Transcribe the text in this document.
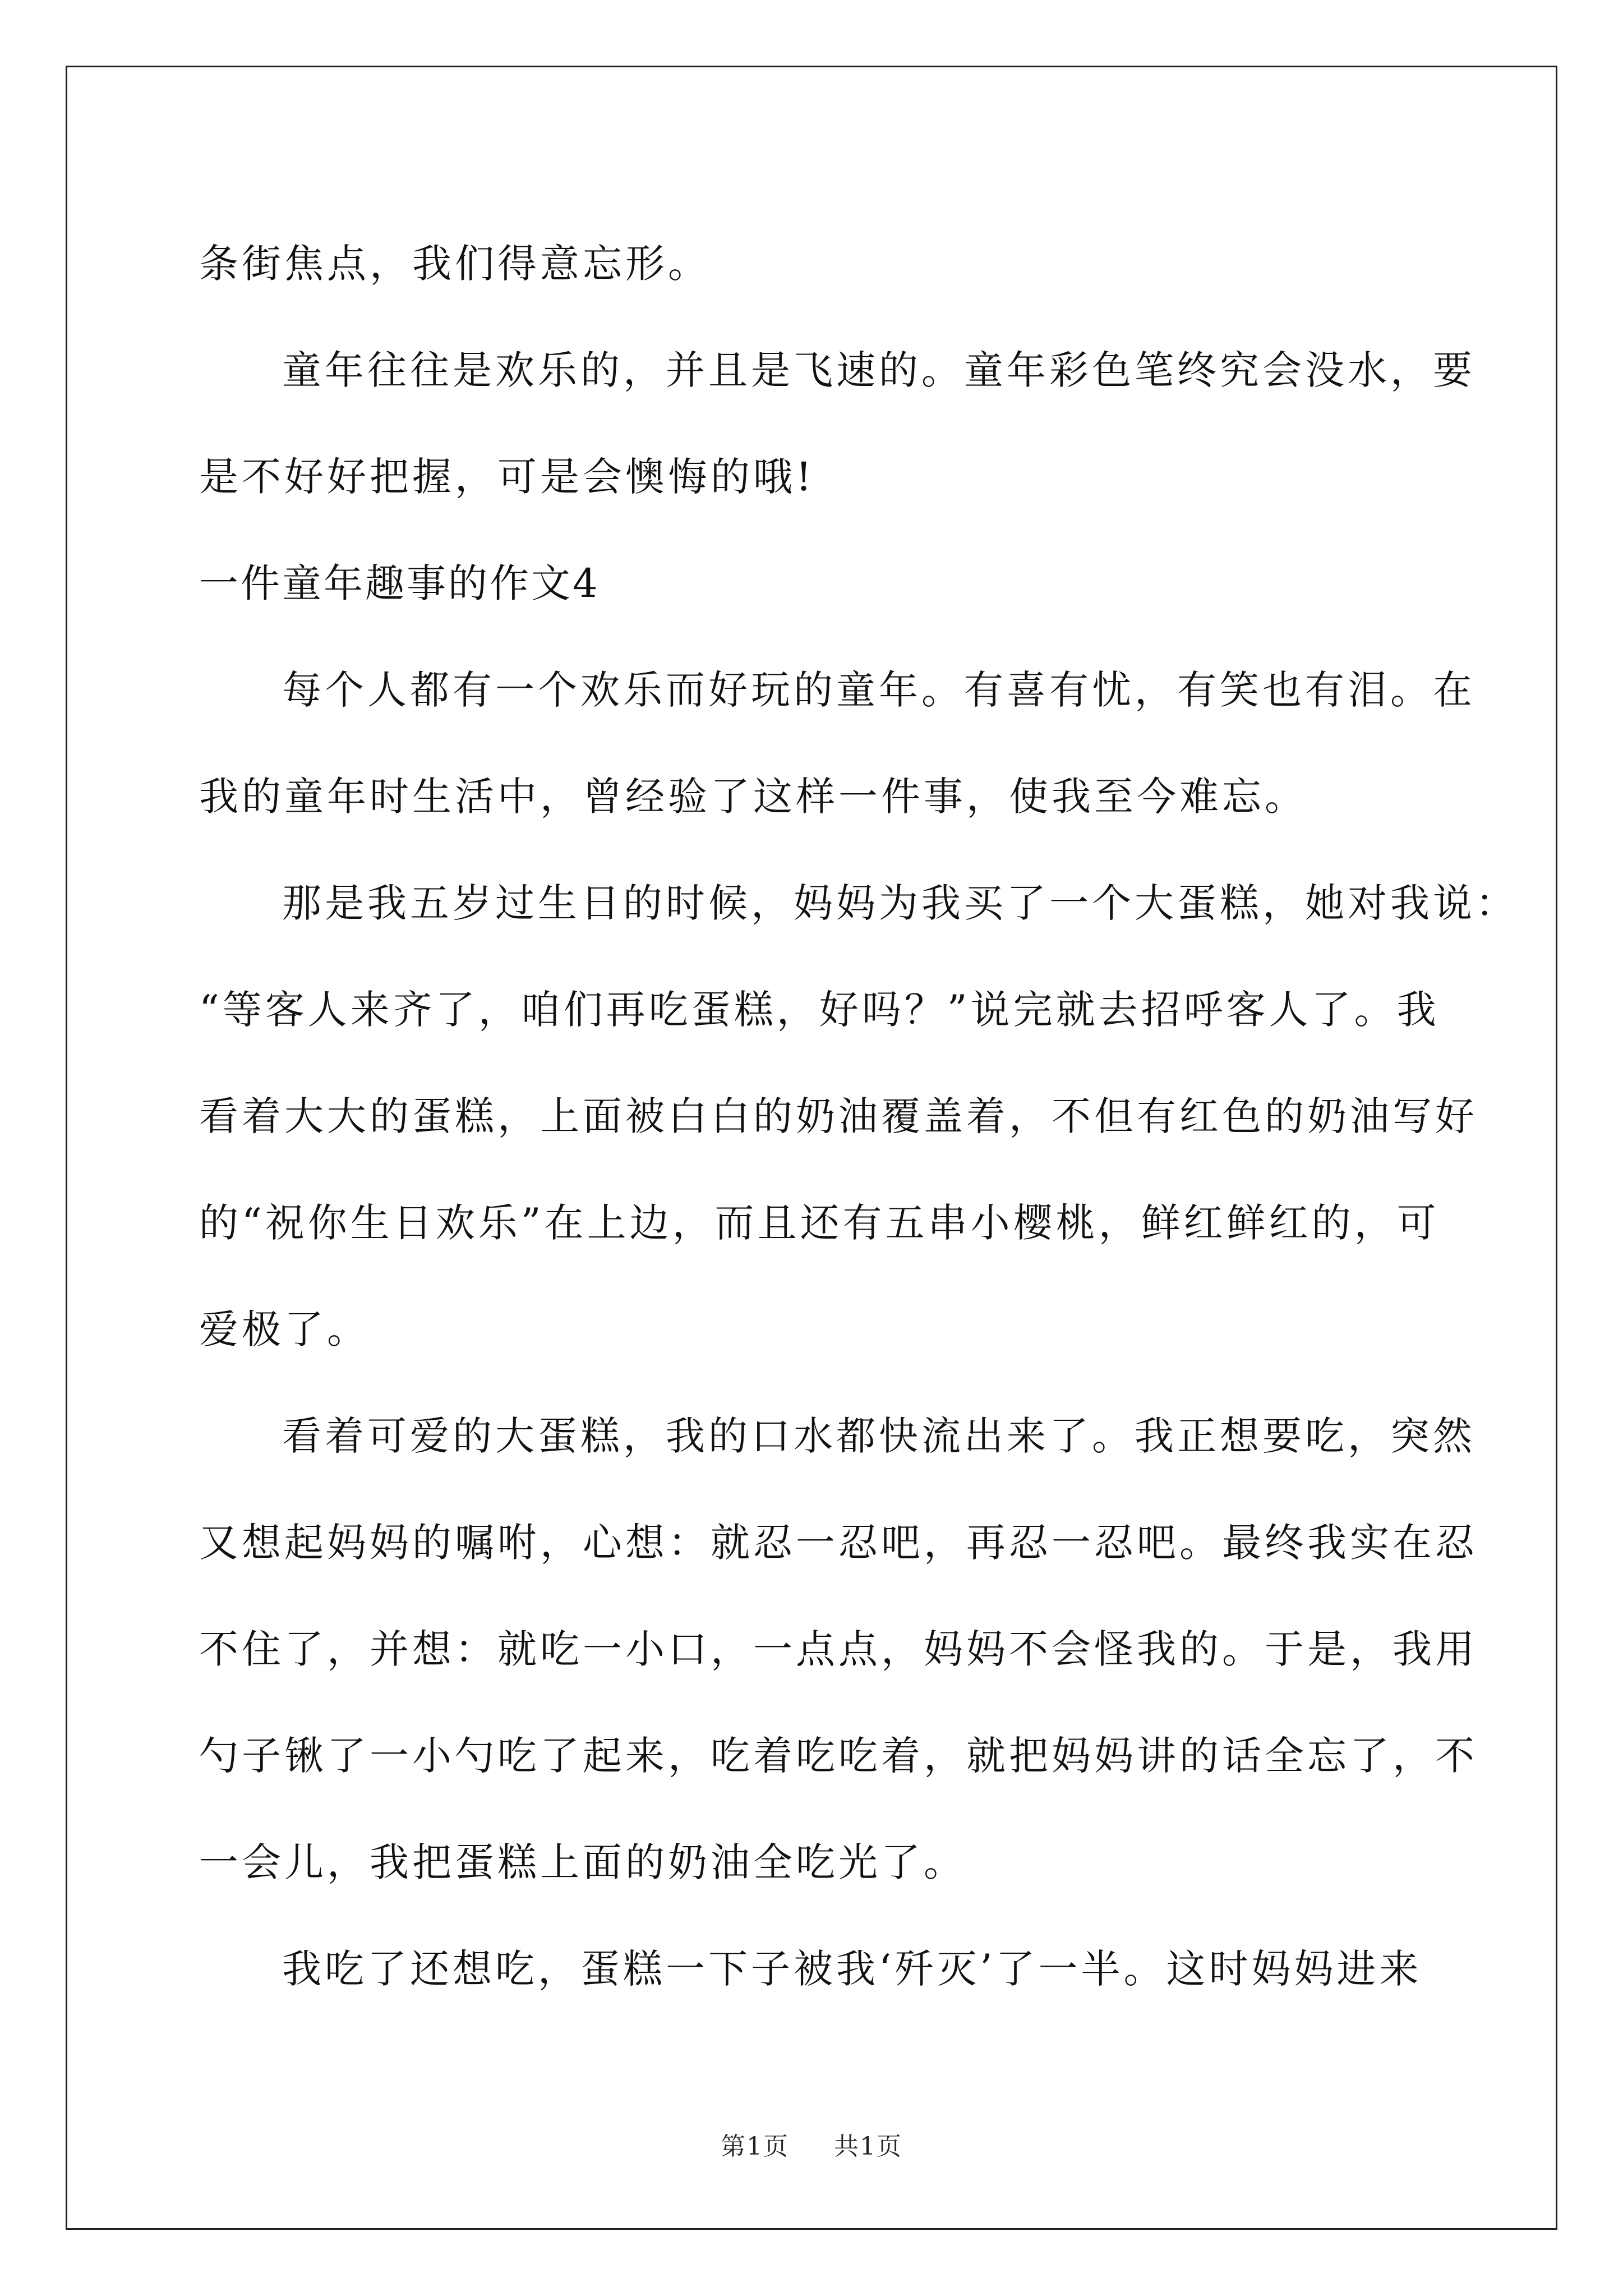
条街焦点，我们得意忘形。
童年往往是欢乐的，并且是飞速的。童年彩色笔终究会没水，要
是不好好把握，可是会懊悔的哦!
一件童年趣事的作文4
每个人都有一个欢乐而好玩的童年。有喜有忧，有笑也有泪。在
我的童年时生活中，曾经验了这样一件事，使我至今难忘。
那是我五岁过生日的时候，妈妈为我买了一个大蛋糕，她对我说：
“等客人来齐了，咱们再吃蛋糕，好吗？”说完就去招呼客人了。我
看着大大的蛋糕，上面被白白的奶油覆盖着，不但有红色的奶油写好
的“祝你生日欢乐”在上边，而且还有五串小樱桃，鲜红鲜红的，可
爱极了。
看着可爱的大蛋糕，我的口水都快流出来了。我正想要吃，突然
又想起妈妈的嘱咐，心想：就忍一忍吧，再忍一忍吧。最终我实在忍
不住了，并想：就吃一小口，一点点，妈妈不会怪我的。于是，我用
勺子锹了一小勺吃了起来，吃着吃吃着，就把妈妈讲的话全忘了，不
一会儿，我把蛋糕上面的奶油全吃光了。
我吃了还想吃，蛋糕一下子被我‘歼灭’了一半。这时妈妈进来
第1页 共1页
